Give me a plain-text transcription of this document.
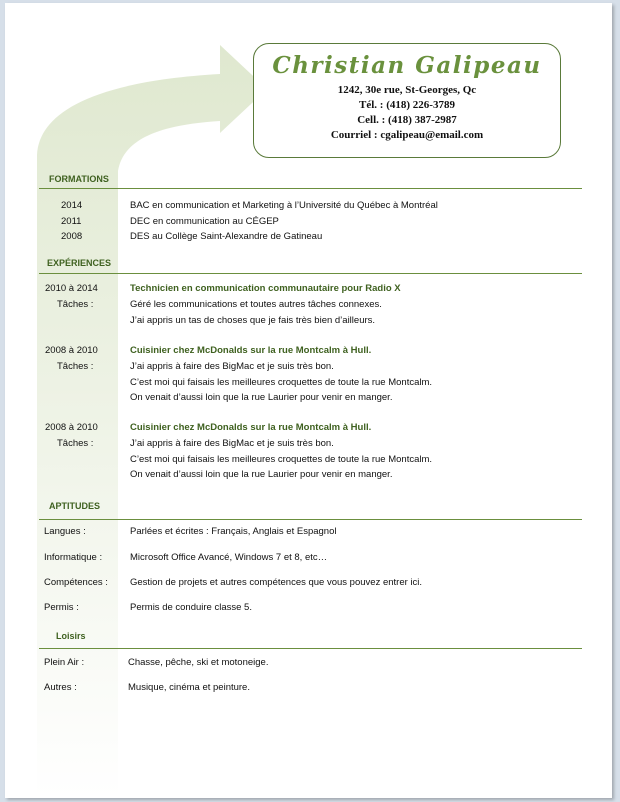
Christian Galipeau
1242, 30e rue, St-Georges, Qc
Tél. : (418) 226-3789
Cell. : (418) 387-2987
Courriel : cgalipeau@email.com
FORMATIONS
2014	BAC en communication et Marketing à l’Université du Québec à Montréal
2011	DEC en communication au CÉGEP
2008	DES au Collège Saint-Alexandre de Gatineau
EXPÉRIENCES
2010 à 2014	Technicien en communication communautaire pour Radio X
Tâches :	Géré les communications et toutes autres tâches connexes.
J’ai appris un tas de choses que je fais très bien d’ailleurs.
2008 à 2010	Cuisinier chez McDonalds sur la rue Montcalm à Hull.
Tâches :	J’ai appris à faire des BigMac et je suis très bon.
C’est moi qui faisais les meilleures croquettes de toute la rue Montcalm.
On venait d’aussi loin que la rue Laurier pour venir en manger.
2008 à 2010	Cuisinier chez McDonalds sur la rue Montcalm à Hull.
Tâches :	J’ai appris à faire des BigMac et je suis très bon.
C’est moi qui faisais les meilleures croquettes de toute la rue Montcalm.
On venait d’aussi loin que la rue Laurier pour venir en manger.
APTITUDES
Langues :	Parlées et écrites : Français, Anglais et Espagnol
Informatique :	Microsoft Office Avancé, Windows 7 et 8, etc…
Compétences : Gestion de projets et autres compétences que vous pouvez entrer ici.
Permis :	Permis de conduire classe 5.
Loisirs
Plein Air :	Chasse, pêche, ski et motoneige.
Autres :	Musique, cinéma et peinture.
